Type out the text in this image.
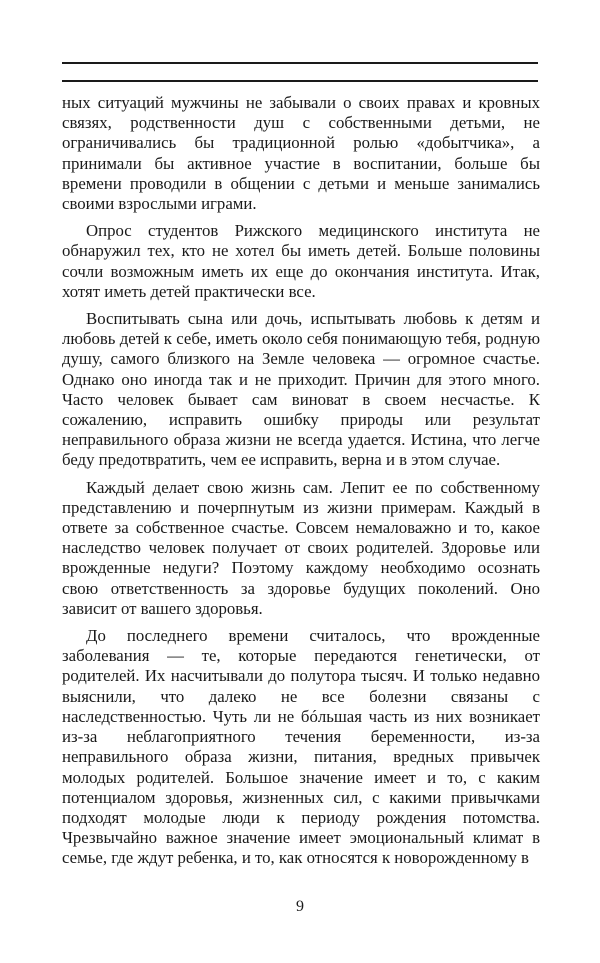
ных ситуаций мужчины не забывали о своих правах и кровных связях, родственности душ с собственными детьми, не ограничивались бы традиционной ролью «добытчика», а принимали бы активное участие в воспитании, больше бы времени проводили в общении с детьми и меньше занимались своими взрослыми играми.

Опрос студентов Рижского медицинского института не обнаружил тех, кто не хотел бы иметь детей. Больше половины сочли возможным иметь их еще до окончания института. Итак, хотят иметь детей практически все.

Воспитывать сына или дочь, испытывать любовь к детям и любовь детей к себе, иметь около себя понимающую тебя, родную душу, самого близкого на Земле человека — огромное счастье. Однако оно иногда так и не приходит. Причин для этого много. Часто человек бывает сам виноват в своем несчастье. К сожалению, исправить ошибку природы или результат неправильного образа жизни не всегда удается. Истина, что легче беду предотвратить, чем ее исправить, верна и в этом случае.

Каждый делает свою жизнь сам. Лепит ее по собственному представлению и почерпнутым из жизни примерам. Каждый в ответе за собственное счастье. Совсем немаловажно и то, какое наследство человек получает от своих родителей. Здоровье или врожденные недуги? Поэтому каждому необходимо осознать свою ответственность за здоровье будущих поколений. Оно зависит от вашего здоровья.

До последнего времени считалось, что врожденные заболевания — те, которые передаются генетически, от родителей. Их насчитывали до полутора тысяч. И только недавно выяснили, что далеко не все болезни связаны с наследственностью. Чуть ли не бóльшая часть из них возникает из-за неблагоприятного течения беременности, из-за неправильного образа жизни, питания, вредных привычек молодых родителей. Большое значение имеет и то, с каким потенциалом здоровья, жизненных сил, с какими привычками подходят молодые люди к периоду рождения потомства. Чрезвычайно важное значение имеет эмоциональный климат в семье, где ждут ребенка, и то, как относятся к новорожденному в

9
